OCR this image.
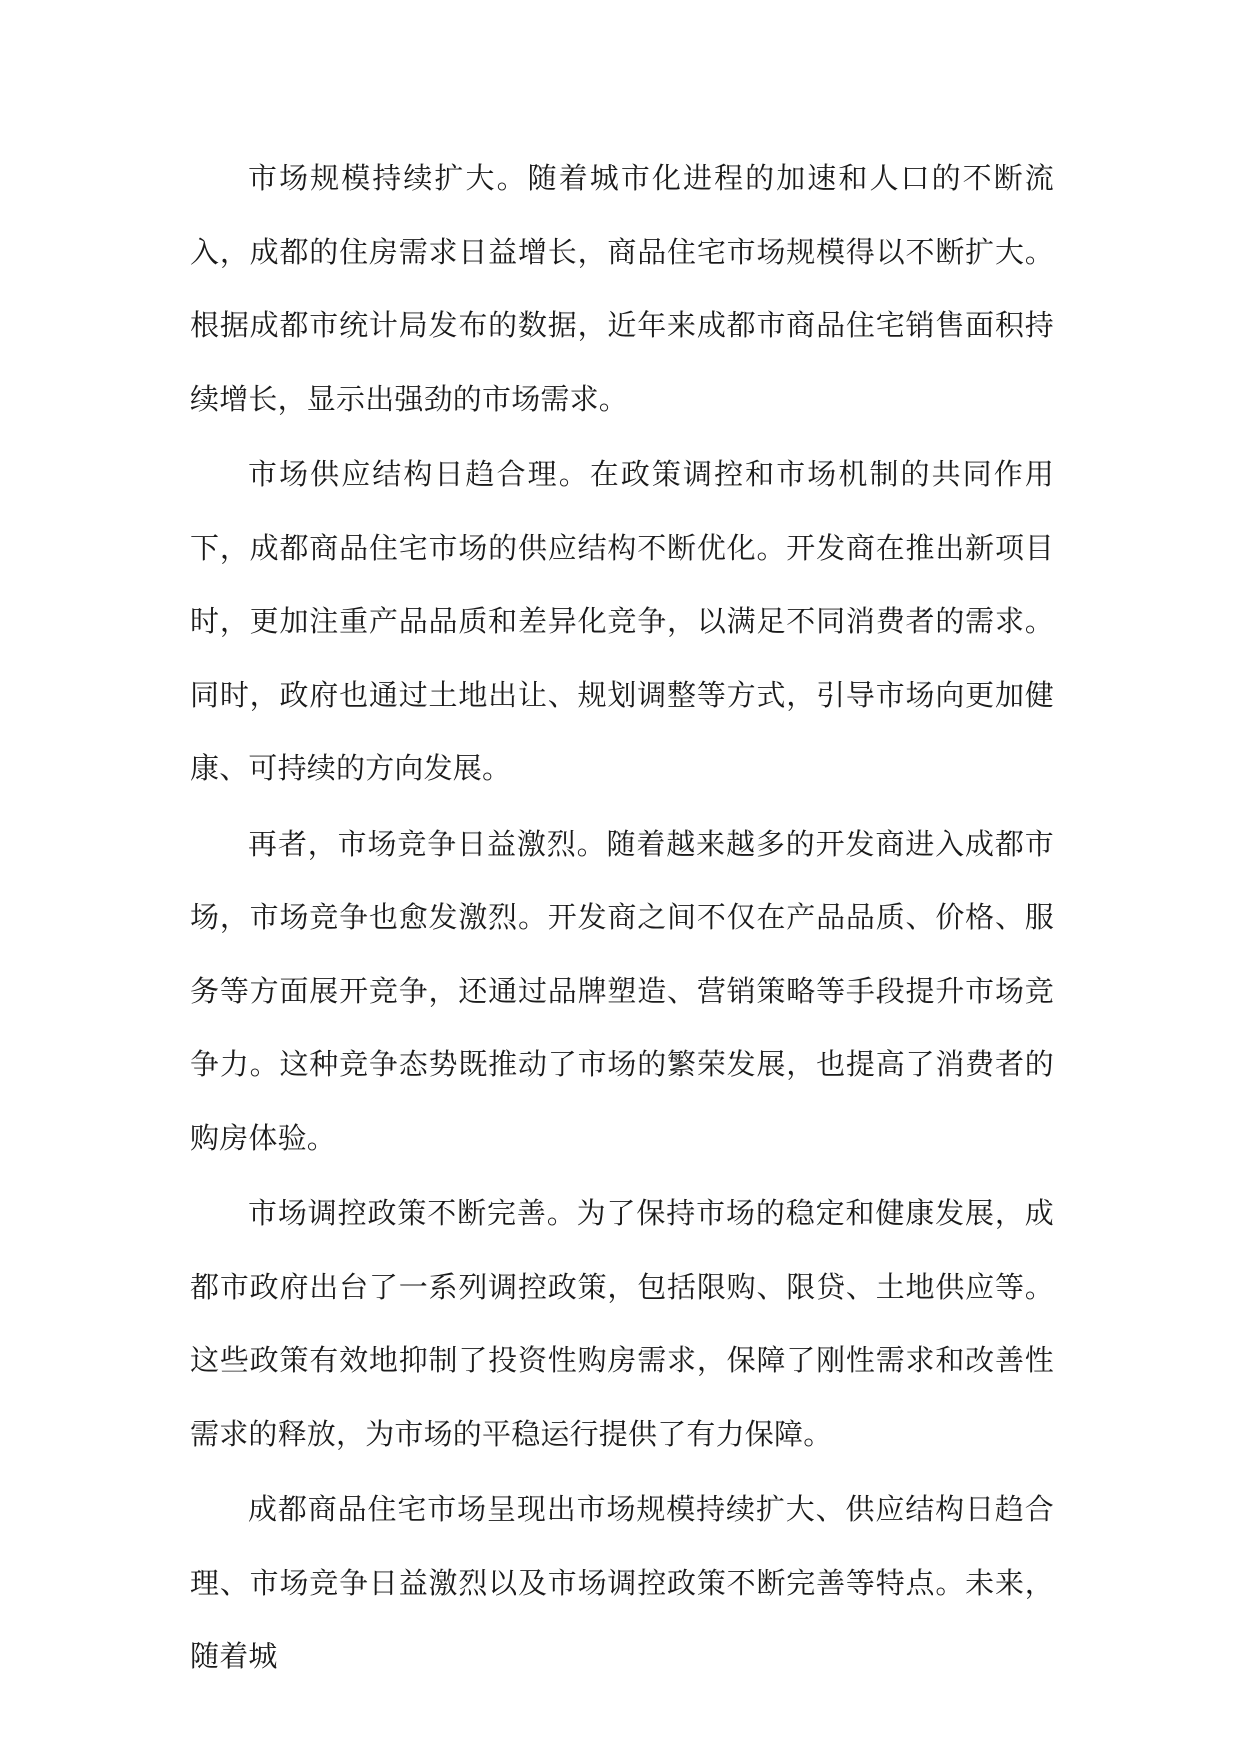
市场规模持续扩大。随着城市化进程的加速和人口的不断流入，成都的住房需求日益增长，商品住宅市场规模得以不断扩大。根据成都市统计局发布的数据，近年来成都市商品住宅销售面积持续增长，显示出强劲的市场需求。

市场供应结构日趋合理。在政策调控和市场机制的共同作用下，成都商品住宅市场的供应结构不断优化。开发商在推出新项目时，更加注重产品品质和差异化竞争，以满足不同消费者的需求。同时，政府也通过土地出让、规划调整等方式，引导市场向更加健康、可持续的方向发展。

再者，市场竞争日益激烈。随着越来越多的开发商进入成都市场，市场竞争也愈发激烈。开发商之间不仅在产品品质、价格、服务等方面展开竞争，还通过品牌塑造、营销策略等手段提升市场竞争力。这种竞争态势既推动了市场的繁荣发展，也提高了消费者的购房体验。

市场调控政策不断完善。为了保持市场的稳定和健康发展，成都市政府出台了一系列调控政策，包括限购、限贷、土地供应等。这些政策有效地抑制了投资性购房需求，保障了刚性需求和改善性需求的释放，为市场的平稳运行提供了有力保障。

成都商品住宅市场呈现出市场规模持续扩大、供应结构日趋合理、市场竞争日益激烈以及市场调控政策不断完善等特点。未来，随着城
